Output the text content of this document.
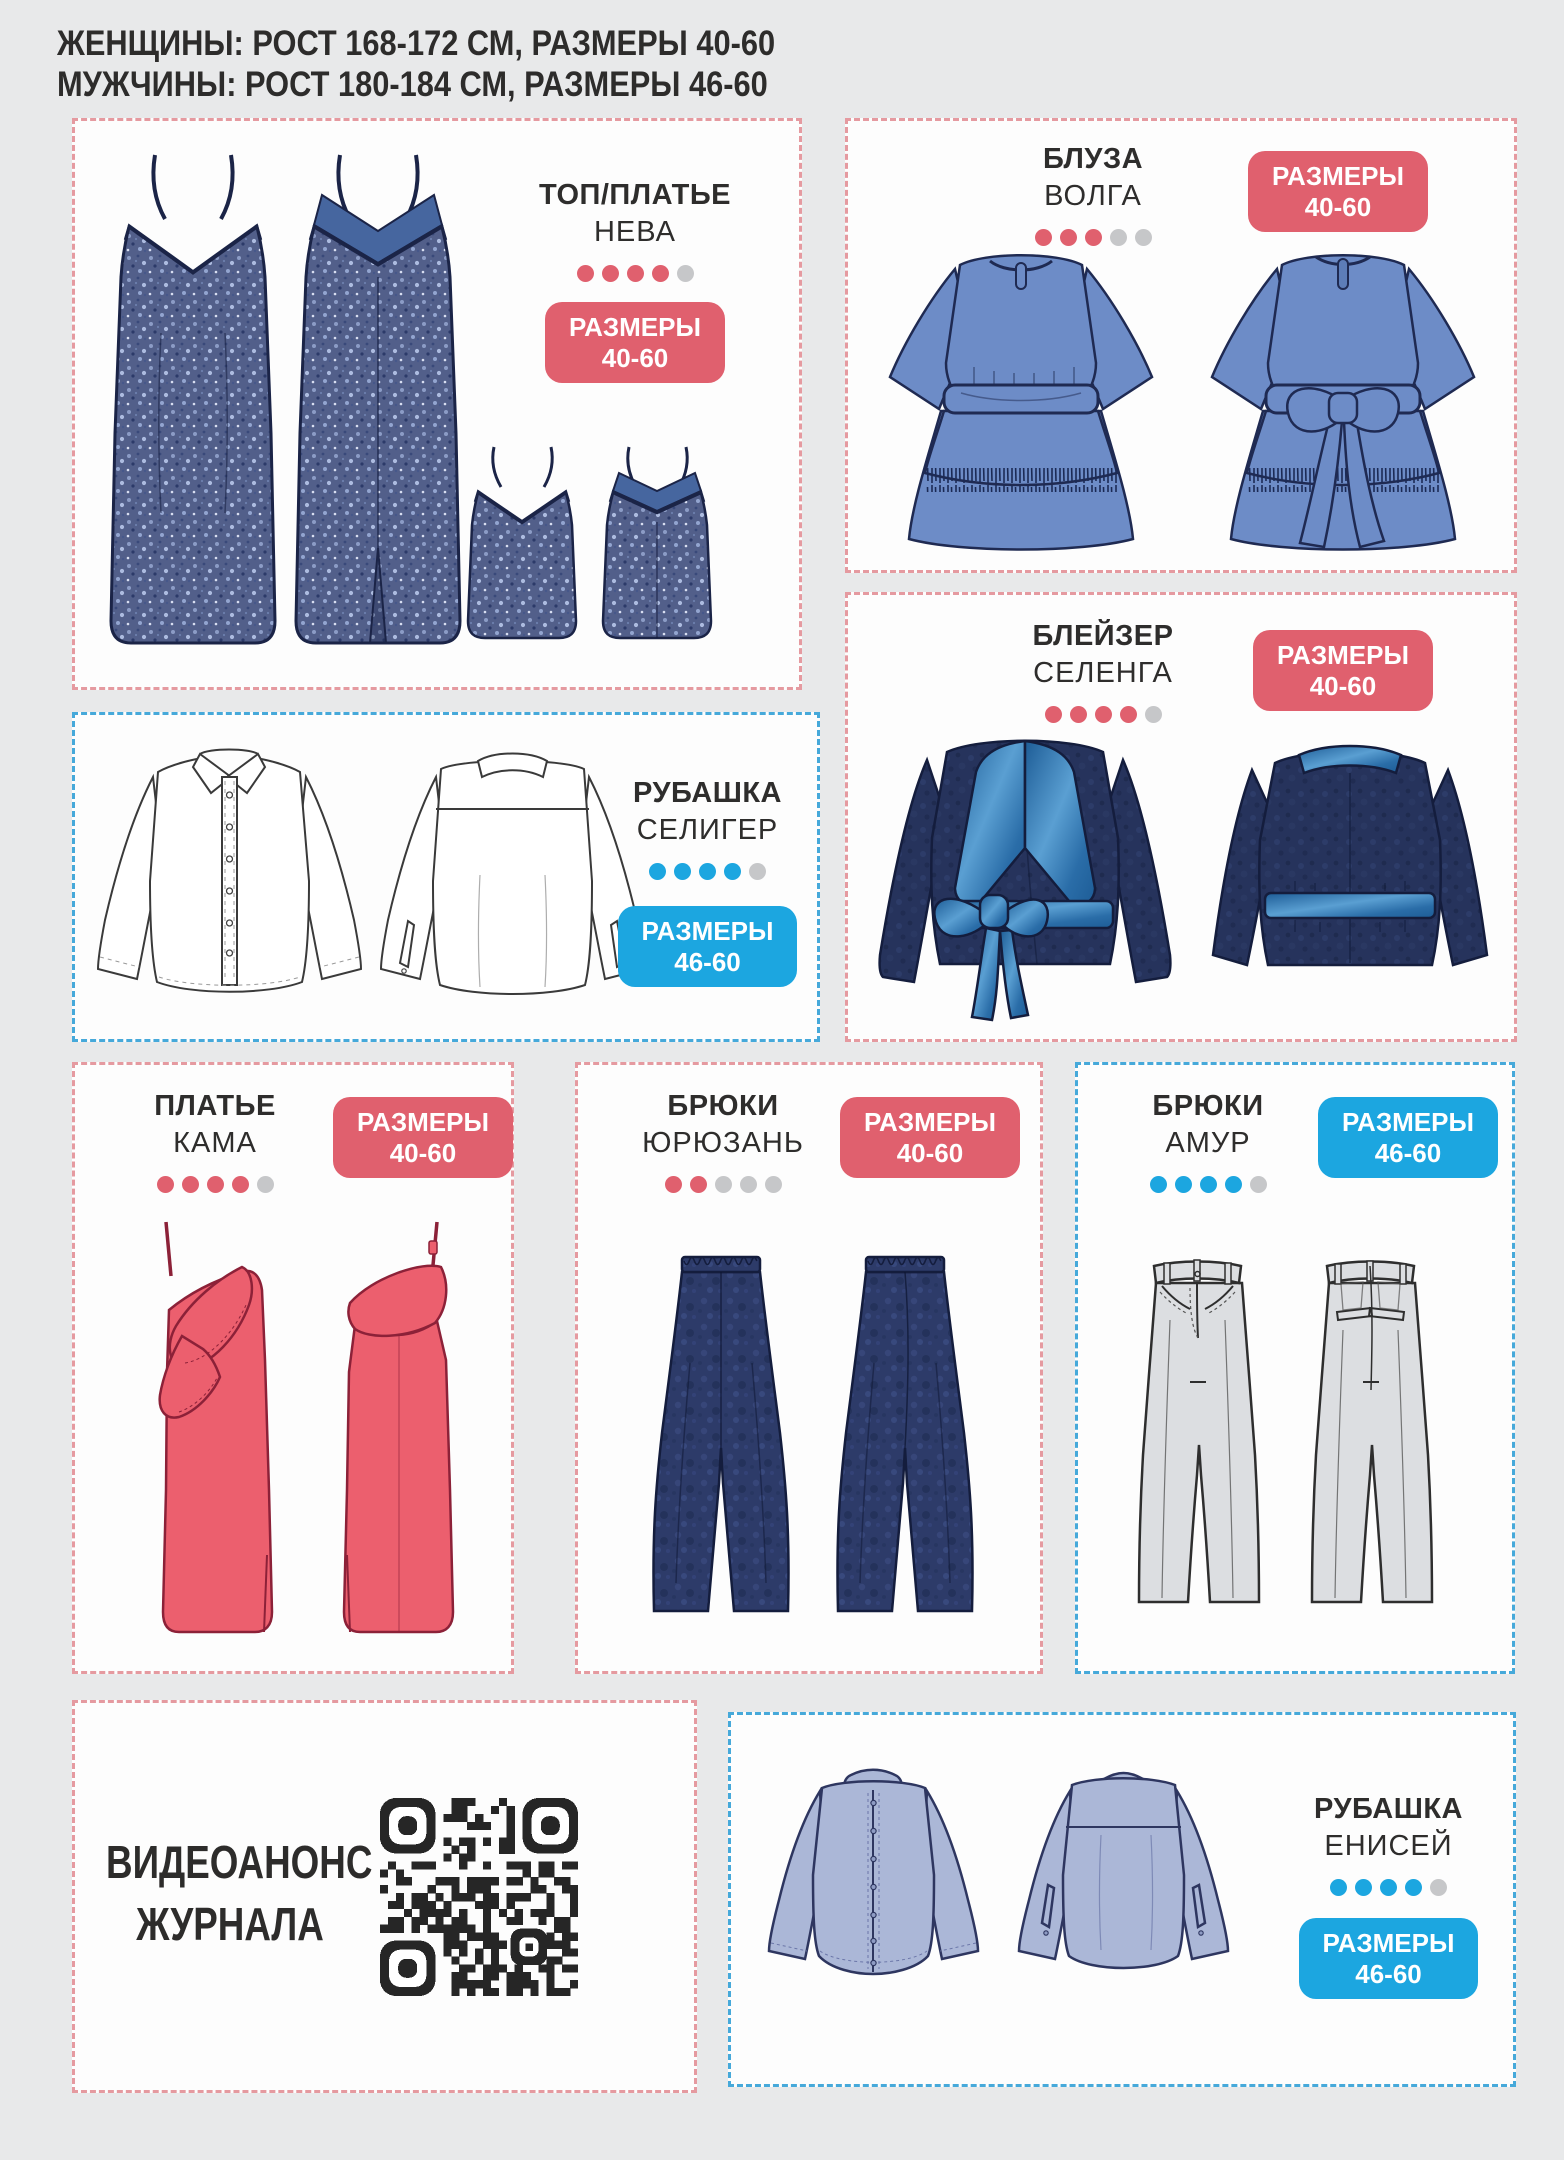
ЖЕНЩИНЫ: РОСТ 168-172 СМ, РАЗМЕРЫ 40-60
МУЖЧИНЫ: РОСТ 180-184 СМ, РАЗМЕРЫ 46-60
ТОП/ПЛАТЬЕ
НЕВА
РАЗМЕРЫ
40-60
БЛУЗА
ВОЛГА
РАЗМЕРЫ
40-60
БЛЕЙЗЕР
СЕЛЕНГА
РАЗМЕРЫ
40-60
РУБАШКА
СЕЛИГЕР
РАЗМЕРЫ
46-60
ПЛАТЬЕ
КАМА
РАЗМЕРЫ
40-60
БРЮКИ
ЮРЮЗАНЬ
РАЗМЕРЫ
40-60
БРЮКИ
АМУР
РАЗМЕРЫ
46-60
ВИДЕОАНОНС
ЖУРНАЛА
РУБАШКА
ЕНИСЕЙ
РАЗМЕРЫ
46-60
